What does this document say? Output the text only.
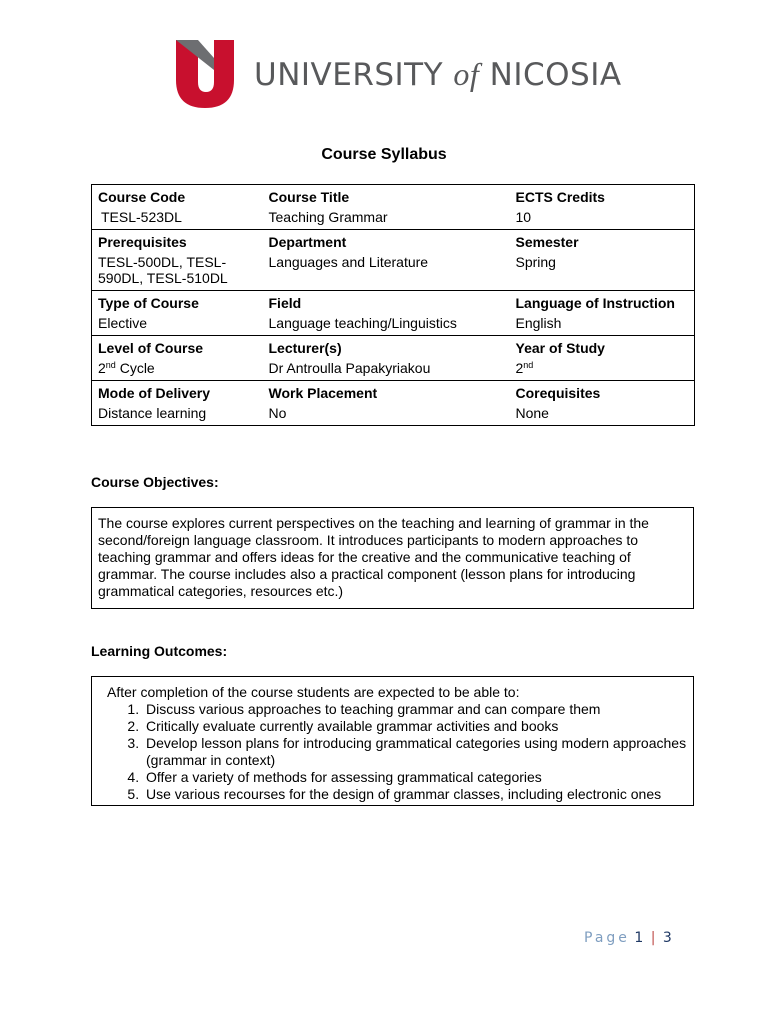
UNIVERSITY of NICOSIA
Course Syllabus
Course Code	Course Title	ECTS Credits
TESL-523DL	Teaching Grammar	10
Prerequisites	Department	Semester
TESL-500DL, TESL-
590DL, TESL-510DL	Languages and Literature	Spring
Type of Course	Field	Language of Instruction
Elective	Language teaching/Linguistics	English
Level of Course	Lecturer(s)	Year of Study
2nd Cycle	Dr Antroulla Papakyriakou	2nd
Mode of Delivery	Work Placement	Corequisites
Distance learning	No	None
Course Objectives:
The course explores current perspectives on the teaching and learning of grammar in the second/foreign language classroom. It introduces participants to modern approaches to teaching grammar and offers ideas for the creative and the communicative teaching of grammar. The course includes also a practical component (lesson plans for introducing grammatical categories, resources etc.)
Learning Outcomes:
After completion of the course students are expected to be able to:
1. Discuss various approaches to teaching grammar and can compare them
2. Critically evaluate currently available grammar activities and books
3. Develop lesson plans for introducing grammatical categories using modern approaches (grammar in context)
4. Offer a variety of methods for assessing grammatical categories
5. Use various recourses for the design of grammar classes, including electronic ones
Page 1 | 3
